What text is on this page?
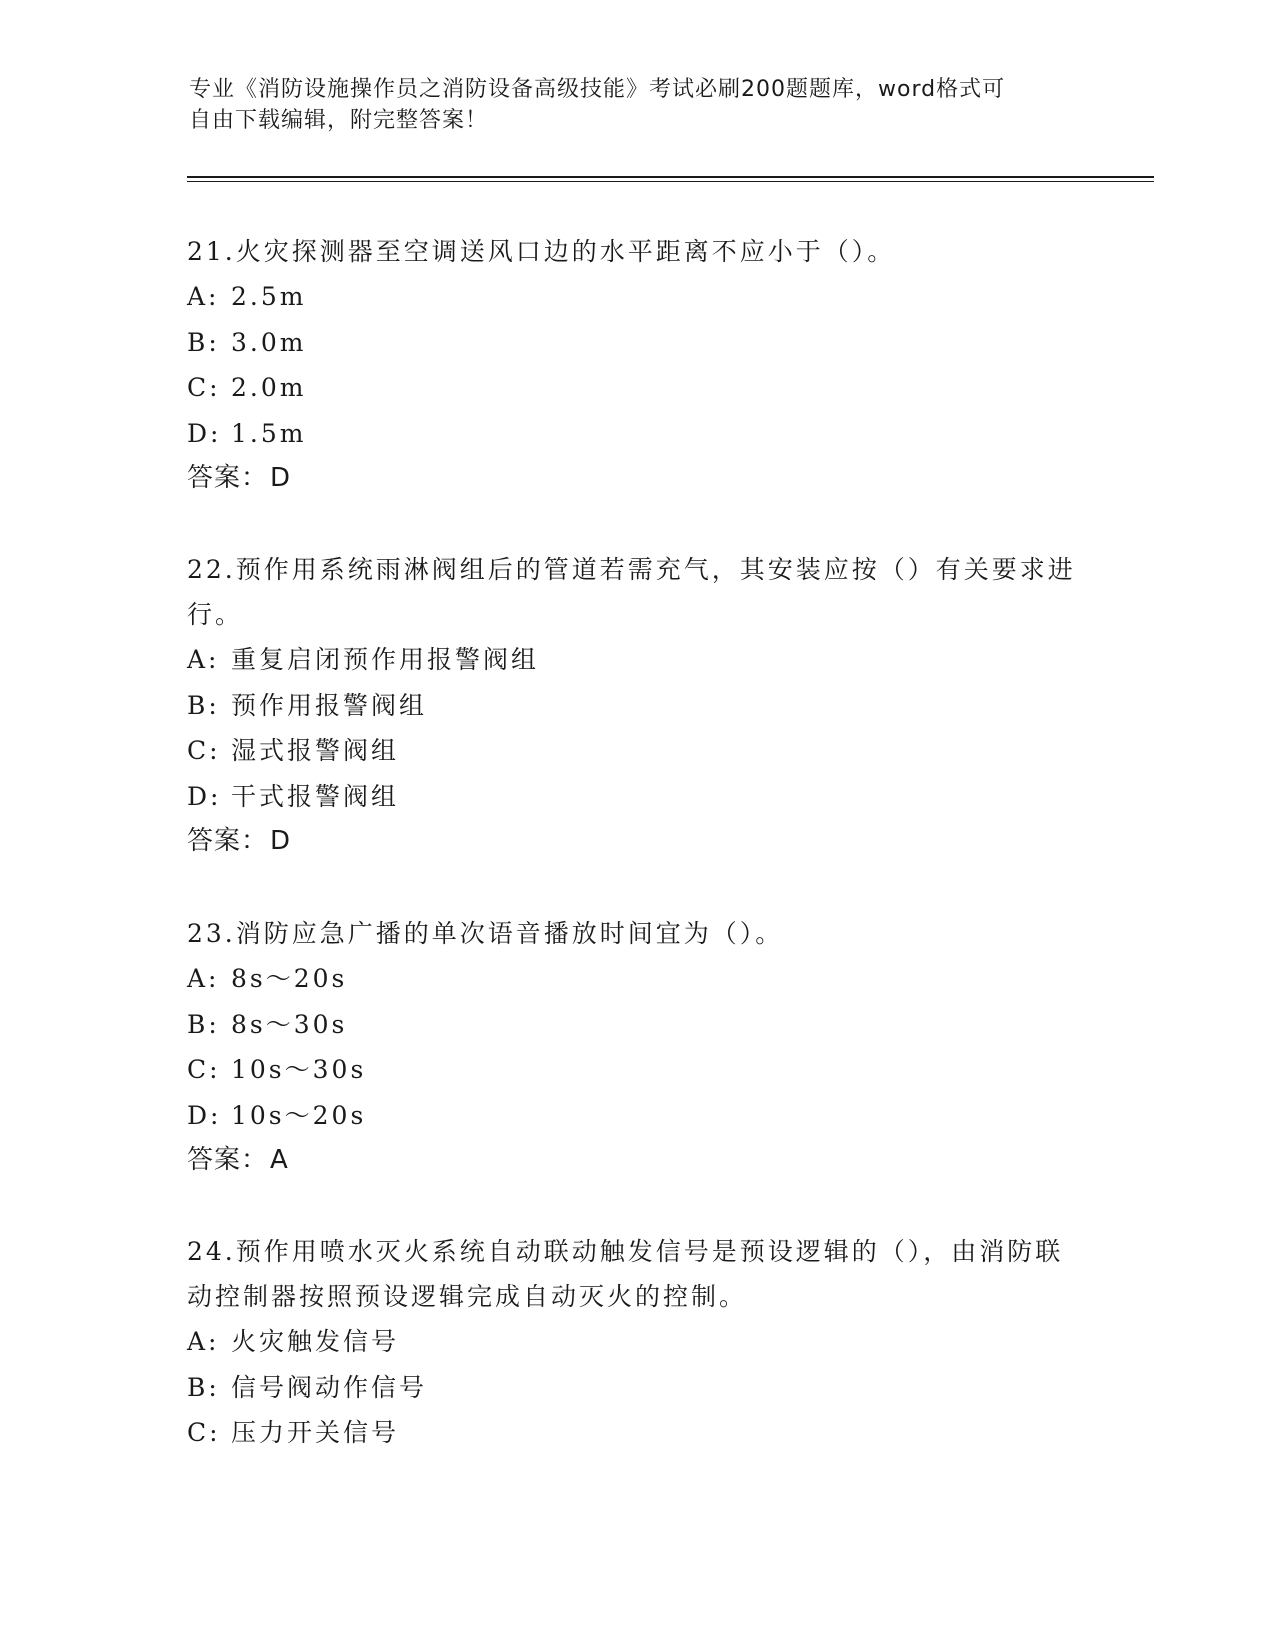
专业《消防设施操作员之消防设备高级技能》考试必刷200题题库，word格式可
自由下载编辑，附完整答案！

21.火灾探测器至空调送风口边的水平距离不应小于（）。

A: 2.5m

B: 3.0m

C: 2.0m

D: 1.5m

答案：D

22.预作用系统雨淋阀组后的管道若需充气，其安装应按（）有关要求进行。

A: 重复启闭预作用报警阀组

B: 预作用报警阀组

C: 湿式报警阀组

D: 干式报警阀组

答案：D

23.消防应急广播的单次语音播放时间宜为（）。

A: 8s～20s

B: 8s～30s

C: 10s～30s

D: 10s～20s

答案：A

24.预作用喷水灭火系统自动联动触发信号是预设逻辑的（），由消防联动控制器按照预设逻辑完成自动灭火的控制。

A: 火灾触发信号

B: 信号阀动作信号

C: 压力开关信号
